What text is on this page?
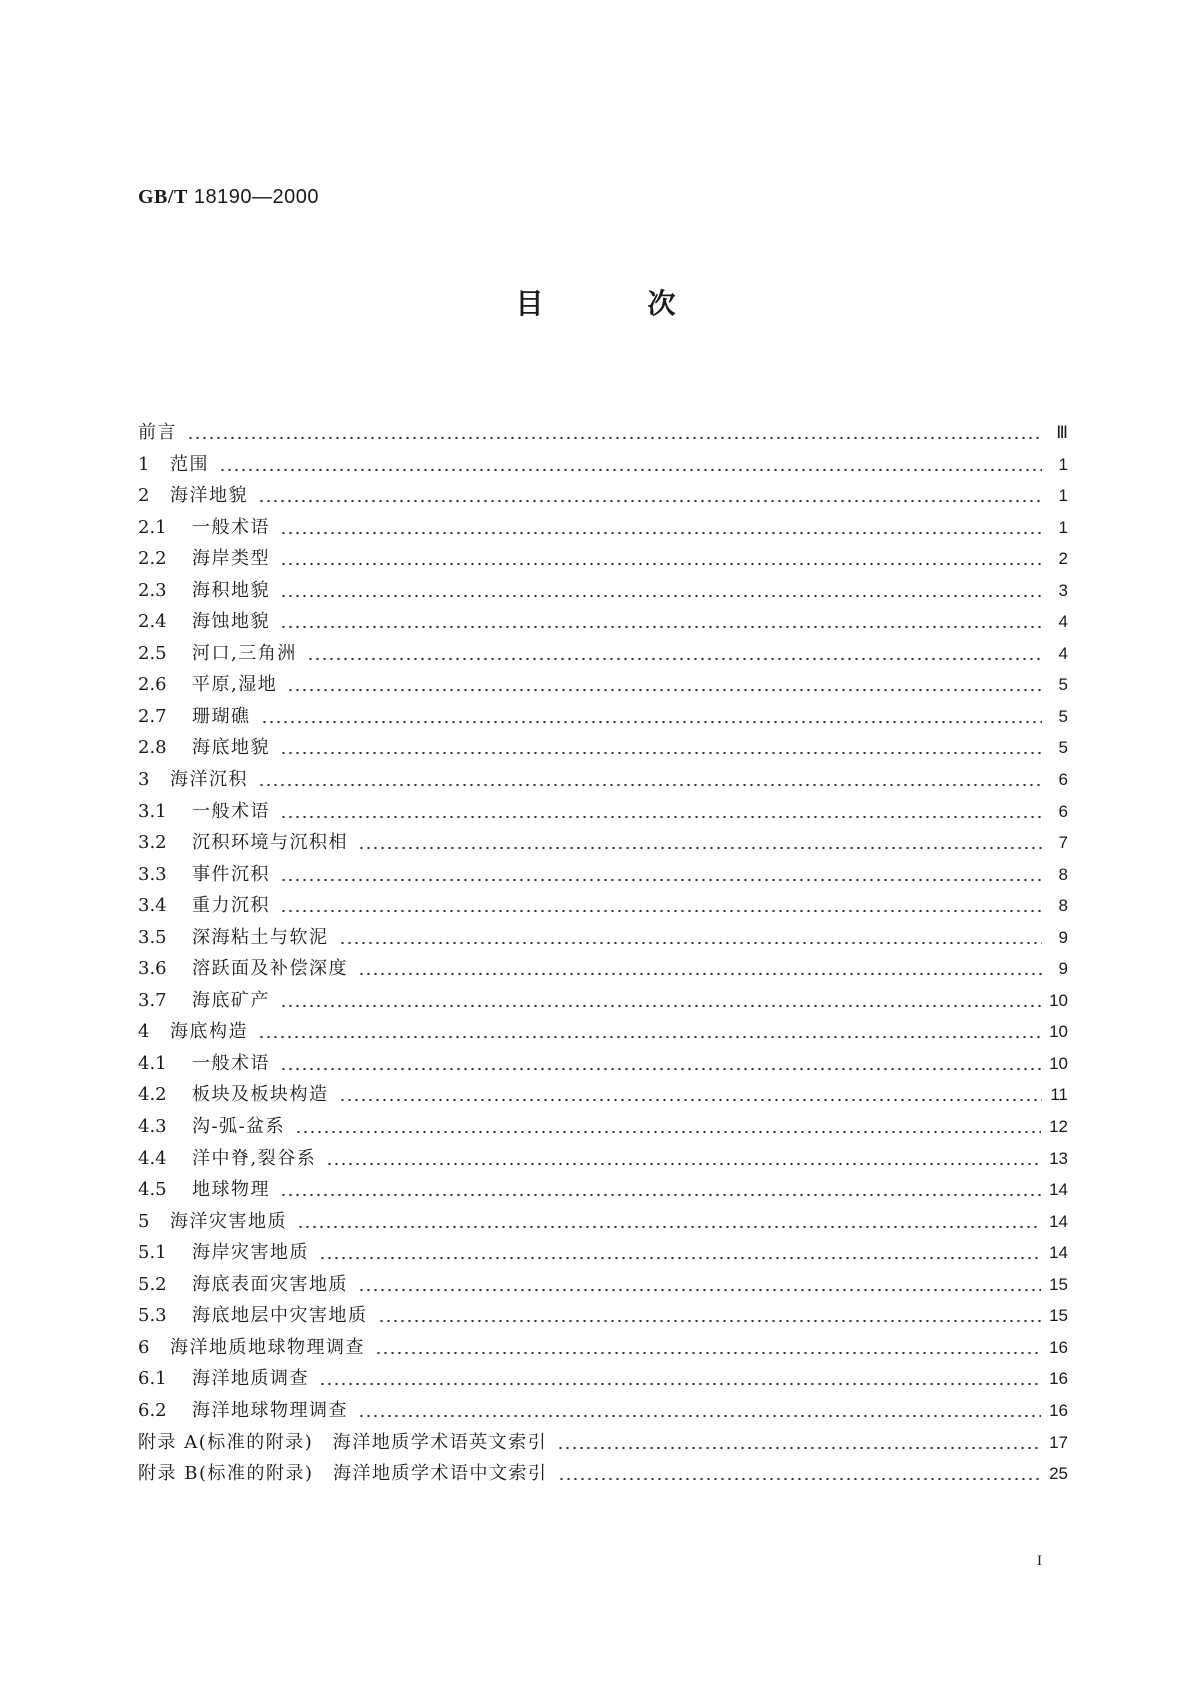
GB/T 18190—2000
目	次
前言	Ⅲ
1	范围	1
2	海洋地貌	1
2.1	一般术语	1
2.2	海岸类型	2
2.3	海积地貌	3
2.4	海蚀地貌	4
2.5	河口,三角洲	4
2.6	平原,湿地	5
2.7	珊瑚礁	5
2.8	海底地貌	5
3	海洋沉积	6
3.1	一般术语	6
3.2	沉积环境与沉积相	7
3.3	事件沉积	8
3.4	重力沉积	8
3.5	深海粘土与软泥	9
3.6	溶跃面及补偿深度	9
3.7	海底矿产	10
4	海底构造	10
4.1	一般术语	10
4.2	板块及板块构造	11
4.3	沟-弧-盆系	12
4.4	洋中脊,裂谷系	13
4.5	地球物理	14
5	海洋灾害地质	14
5.1	海岸灾害地质	14
5.2	海底表面灾害地质	15
5.3	海底地层中灾害地质	15
6	海洋地质地球物理调查	16
6.1	海洋地质调查	16
6.2	海洋地球物理调查	16
附录 A(标准的附录)　海洋地质学术语英文索引	17
附录 B(标准的附录)　海洋地质学术语中文索引	25
I
